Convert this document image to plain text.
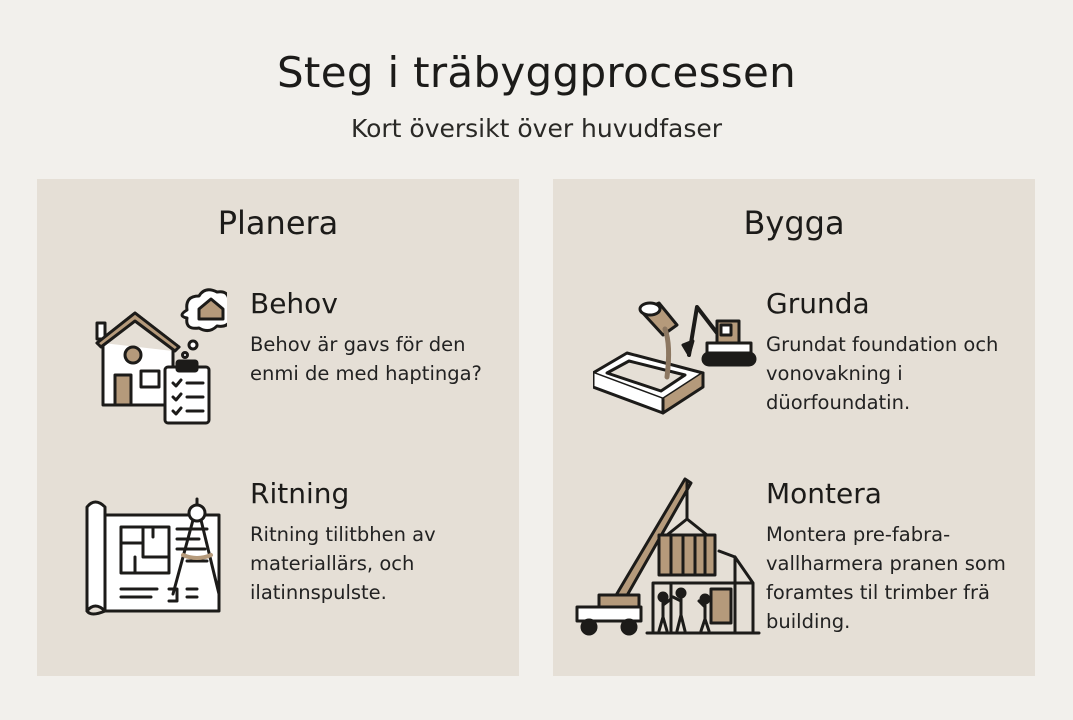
Steg i träbyggprocessen
Kort översikt över huvudfaser
Planera
Behov

Behov är gavs för den enmi de med haptinga?

Ritning

Ritning tilitbhen av materiallärs, och ilatinnspulste.

Bygga
Grunda

Grundat foundation och vonovakning i düorfoundatin.

Montera

Montera pre-fabra-vallharmera pranen som foramtes til trimber frä building.
